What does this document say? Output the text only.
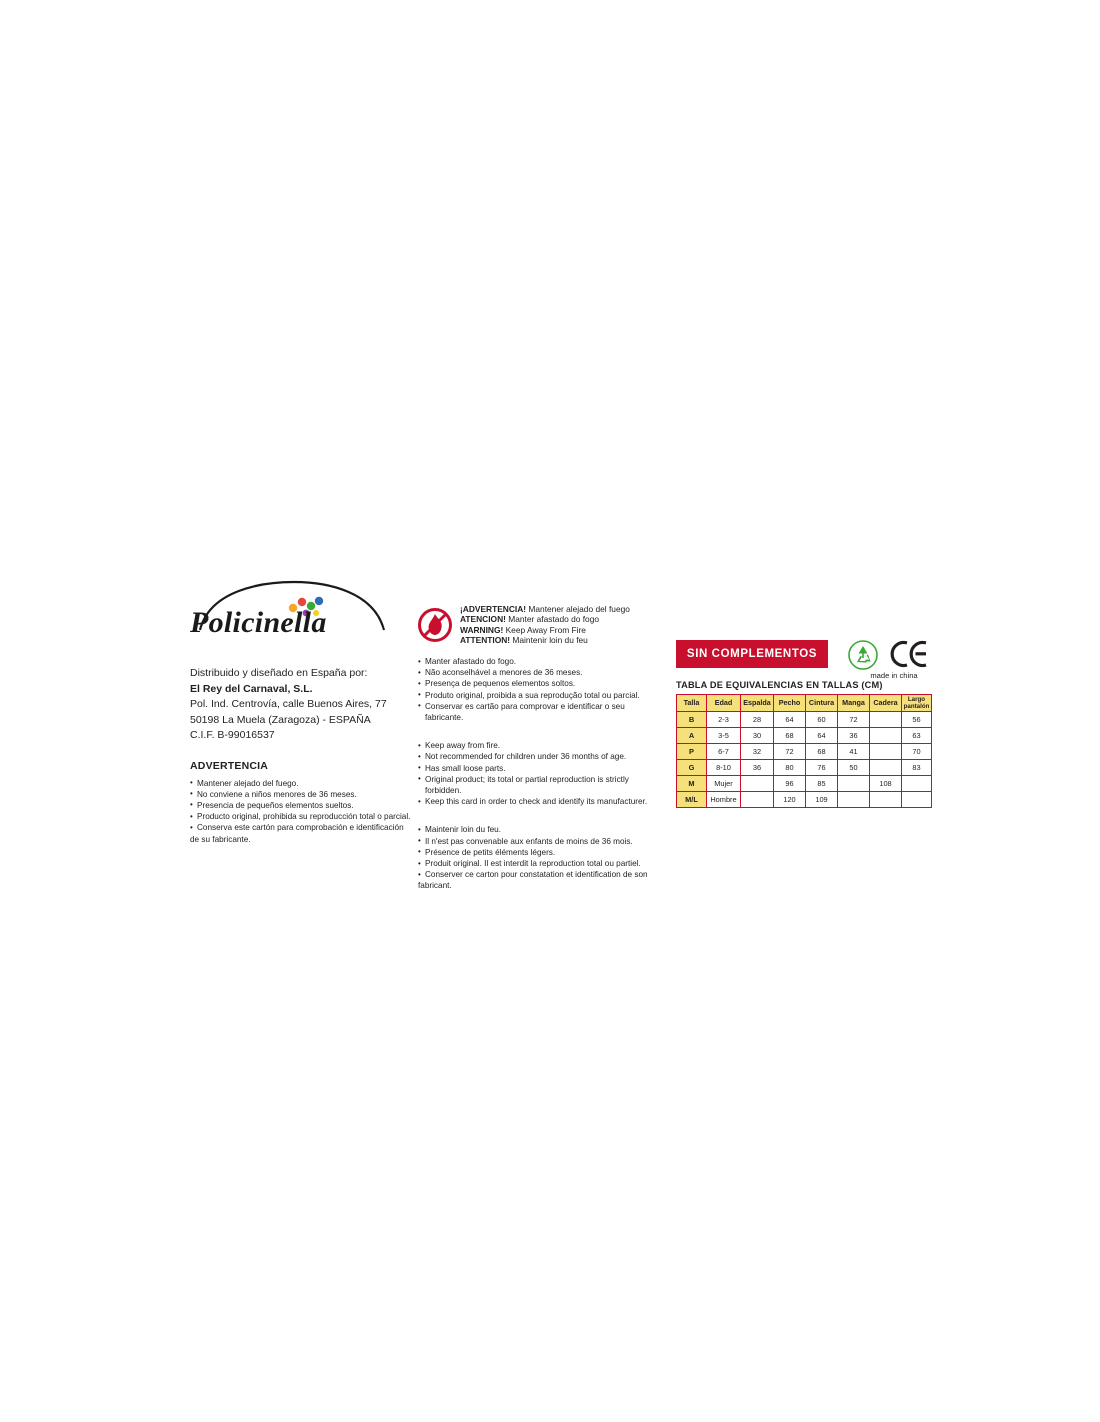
Policinella
Distribuido y diseñado en España por:
El Rey del Carnaval, S.L.
Pol. Ind. Centrovía, calle Buenos Aires, 77
50198 La Muela (Zaragoza) - ESPAÑA
C.I.F. B-99016537
ADVERTENCIA
• Mantener alejado del fuego.
• No conviene a niños menores de 36 meses.
• Presencia de pequeños elementos sueltos.
• Producto original, prohibida su reproducción total o parcial.
• Conserva este cartón para comprobación e identificación
de su fabricante.
¡ADVERTENCIA! Mantener alejado del fuego
ATENCION! Manter afastado do fogo
WARNING! Keep Away From Fire
ATTENTION! Maintenir loin du feu
• Manter afastado do fogo.
• Não aconselhável a menores de 36 meses.
• Presença de pequenos elementos soltos.
• Produto original, proibida a sua reprodução total ou parcial.
• Conservar es cartão para comprovar e identificar o seu fabricante.
• Keep away from fire.
• Not recommended for children under 36 months of age.
• Has small loose parts.
• Original product; its total or partial reproduction is strictly forbidden.
• Keep this card in order to check and identify its manufacturer.
• Maintenir loin du feu.
• Il n'est pas convenable aux enfants de moins de 36 mois.
• Présence de petits éléments légers.
• Produit original. Il est interdit la reproduction total ou partiel.
• Conserver ce carton pour constatation et identification de son
fabricant.
SIN COMPLEMENTOS
made in china
TABLA DE EQUIVALENCIAS EN TALLAS (CM)
Talla	Edad	Espalda	Pecho	Cintura	Manga	Cadera	Largo pantalón
B	2-3	28	64	60	72		56
A	3-5	30	68	64	36		63
P	6-7	32	72	68	41		70
G	8-10	36	80	76	50		83
M	Mujer		96	85		108	
M/L	Hombre		120	109			
